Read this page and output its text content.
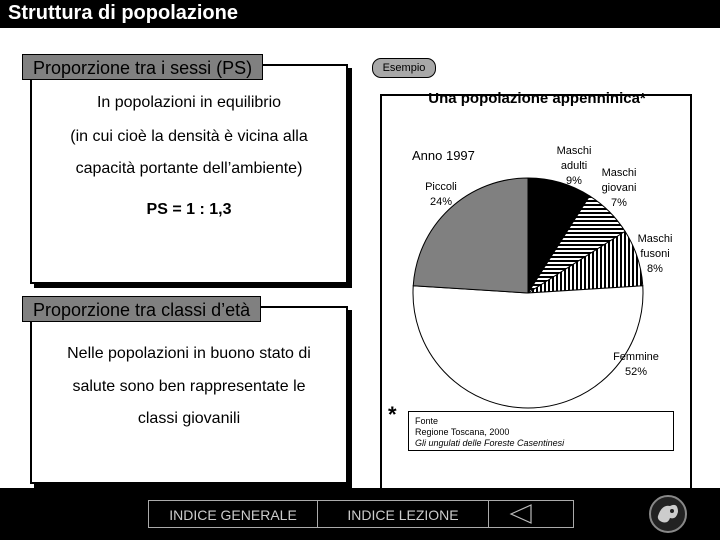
Struttura di popolazione
Proporzione tra i sessi (PS)
In popolazioni in equilibrio
(in cui cioè la densità è vicina alla
capacità portante dell’ambiente)
PS = 1 : 1,3
Proporzione tra classi d’età
Nelle popolazioni in buono stato di
salute sono ben rappresentate le
classi giovanili
Esempio
Una popolazione appenninica*
Anno 1997	Maschi
adulti
9%
Maschi
giovani
7%
Maschi
fusoni
8%
Femmine
52%
Piccoli
24%
* Fonte
Regione Toscana, 2000
Gli ungulati delle Foreste Casentinesi
INDICE GENERALE	INDICE LEZIONE
